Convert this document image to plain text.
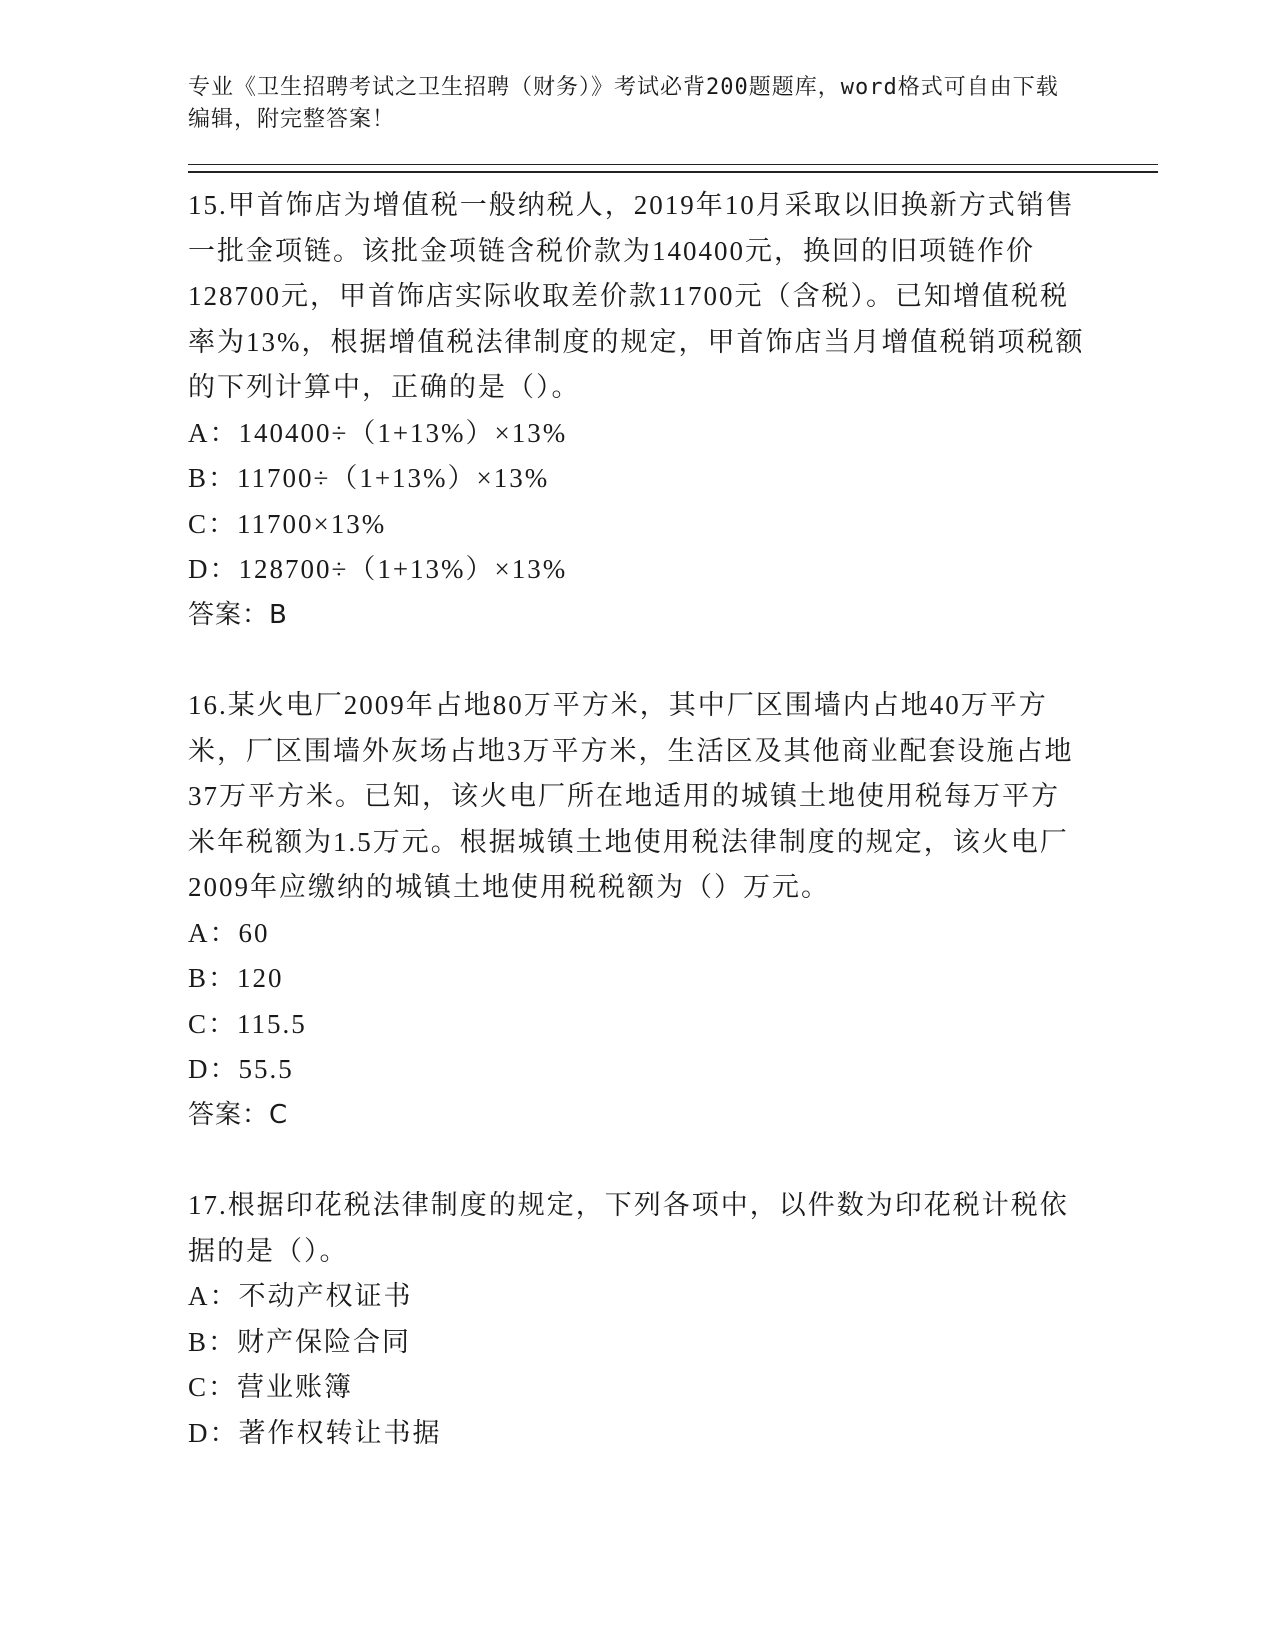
专业《卫生招聘考试之卫生招聘（财务）》考试必背200题题库，word格式可自由下载编辑，附完整答案！

15.甲首饰店为增值税一般纳税人，2019年10月采取以旧换新方式销售一批金项链。该批金项链含税价款为140400元，换回的旧项链作价128700元，甲首饰店实际收取差价款11700元（含税）。已知增值税税率为13%，根据增值税法律制度的规定，甲首饰店当月增值税销项税额的下列计算中，正确的是（）。

A：140400÷（1+13%）×13%

B：11700÷（1+13%）×13%

C：11700×13%

D：128700÷（1+13%）×13%

答案：B

16.某火电厂2009年占地80万平方米，其中厂区围墙内占地40万平方米，厂区围墙外灰场占地3万平方米，生活区及其他商业配套设施占地37万平方米。已知，该火电厂所在地适用的城镇土地使用税每万平方米年税额为1.5万元。根据城镇土地使用税法律制度的规定，该火电厂2009年应缴纳的城镇土地使用税税额为（）万元。

A：60

B：120

C：115.5

D：55.5

答案：C

17.根据印花税法律制度的规定，下列各项中，以件数为印花税计税依据的是（）。

A：不动产权证书

B：财产保险合同

C：营业账簿

D：著作权转让书据
